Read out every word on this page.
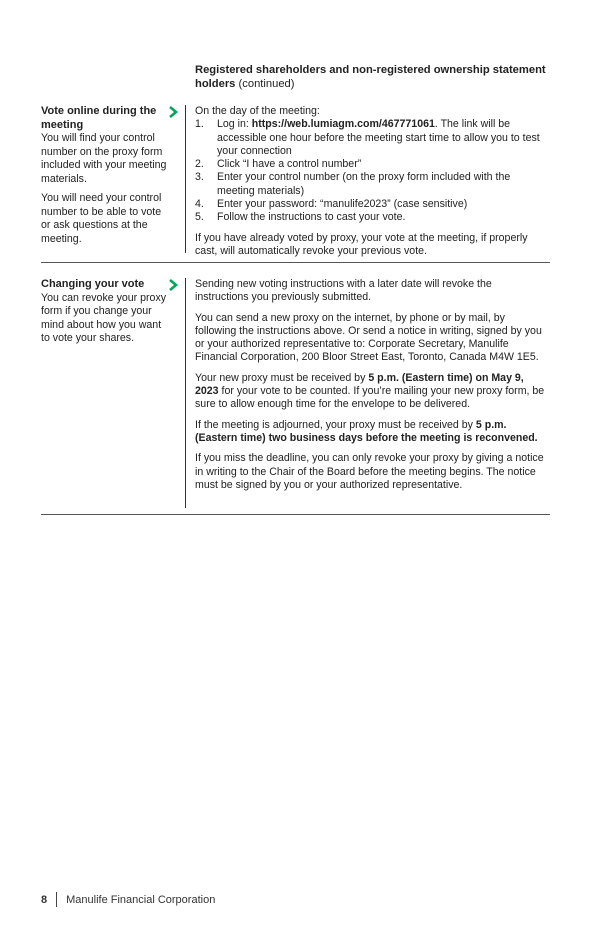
Registered shareholders and non-registered ownership statement holders (continued)
Vote online during the meeting

You will find your control number on the proxy form included with your meeting materials.

You will need your control number to be able to vote or ask questions at the meeting.

On the day of the meeting:
1. Log in: https://web.lumiagm.com/467771061. The link will be accessible one hour before the meeting start time to allow you to test your connection
2. Click “I have a control number”
3. Enter your control number (on the proxy form included with the meeting materials)
4. Enter your password: “manulife2023” (case sensitive)
5. Follow the instructions to cast your vote.

If you have already voted by proxy, your vote at the meeting, if properly cast, will automatically revoke your previous vote.

Changing your vote

You can revoke your proxy form if you change your mind about how you want to vote your shares.

Sending new voting instructions with a later date will revoke the instructions you previously submitted.

You can send a new proxy on the internet, by phone or by mail, by following the instructions above. Or send a notice in writing, signed by you or your authorized representative to: Corporate Secretary, Manulife Financial Corporation, 200 Bloor Street East, Toronto, Canada M4W 1E5.

Your new proxy must be received by 5 p.m. (Eastern time) on May 9, 2023 for your vote to be counted. If you’re mailing your new proxy form, be sure to allow enough time for the envelope to be delivered.

If the meeting is adjourned, your proxy must be received by 5 p.m. (Eastern time) two business days before the meeting is reconvened.

If you miss the deadline, you can only revoke your proxy by giving a notice in writing to the Chair of the Board before the meeting begins. The notice must be signed by you or your authorized representative.

8 Manulife Financial Corporation
